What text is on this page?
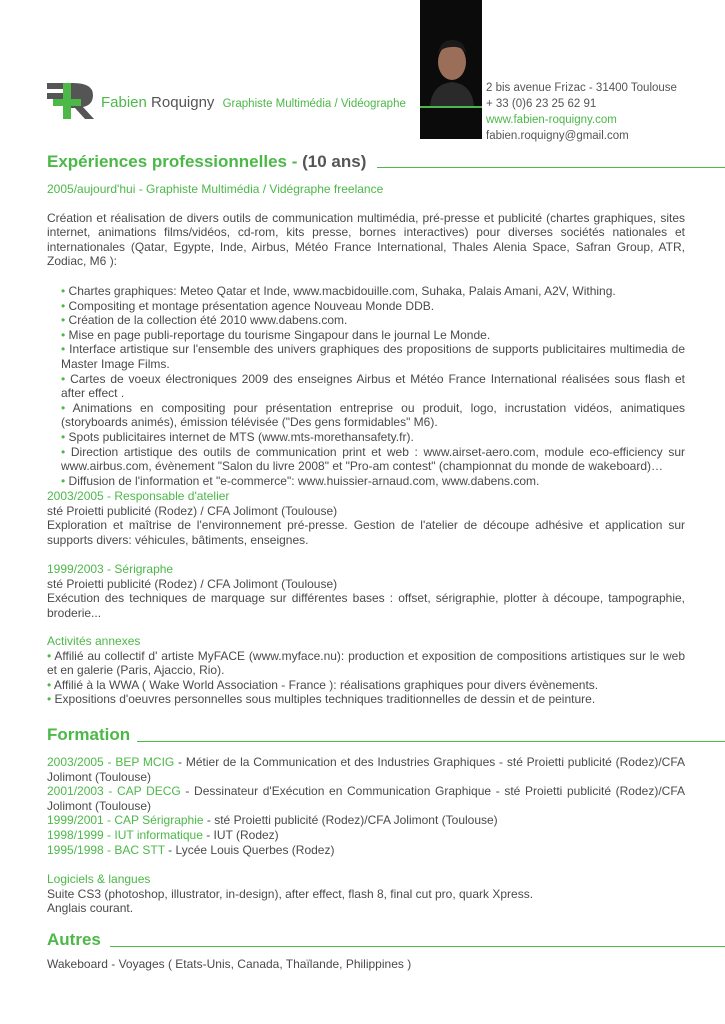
Fabien Roquigny Graphiste Multimédia / Vidéographe
2 bis avenue Frizac - 31400 Toulouse
+ 33 (0)6 23 25 62 91
www.fabien-roquigny.com
fabien.roquigny@gmail.com
Expériences professionnelles - (10 ans)

2005/aujourd'hui - Graphiste Multimédia / Vidégraphe freelance

Création et réalisation de divers outils de communication multimédia, pré-presse et publicité (chartes graphiques, sites internet, animations films/vidéos, cd-rom, kits presse, bornes interactives) pour diverses sociétés nationales et internationales (Qatar, Egypte, Inde, Airbus, Météo France International, Thales Alenia Space, Safran Group, ATR, Zodiac, M6 ):

• Chartes graphiques: Meteo Qatar et Inde, www.macbidouille.com, Suhaka, Palais Amani, A2V, Withing.

• Compositing et montage présentation agence Nouveau Monde DDB.

• Création de la collection été 2010 www.dabens.com.

• Mise en page publi-reportage du tourisme Singapour dans le journal Le Monde.

• Interface artistique sur l'ensemble des univers graphiques des propositions de supports publicitaires multimedia de Master Image Films.

• Cartes de voeux électroniques 2009 des enseignes Airbus et Météo France International réalisées sous flash et after effect .

• Animations en compositing pour présentation entreprise ou produit, logo, incrustation vidéos, animatiques (storyboards animés), émission télévisée ("Des gens formidables" M6).

• Spots publicitaires internet de MTS (www.mts-morethansafety.fr).

• Direction artistique des outils de communication print et web : www.airset-aero.com, module eco-efficiency sur www.airbus.com, évènement "Salon du livre 2008" et "Pro-am contest" (championnat du monde de wakeboard)…

• Diffusion de l'information et "e-commerce": www.huissier-arnaud.com, www.dabens.com.

2003/2005 - Responsable d'atelier

sté Proietti publicité (Rodez) / CFA Jolimont (Toulouse)

Exploration et maîtrise de l'environnement pré-presse. Gestion de l'atelier de découpe adhésive et application sur supports divers: véhicules, bâtiments, enseignes.

1999/2003 - Sérigraphe

sté Proietti publicité (Rodez) / CFA Jolimont (Toulouse)

Exécution des techniques de marquage sur différentes bases : offset, sérigraphie, plotter à découpe, tampographie, broderie...

Activités annexes

• Affilié au collectif d' artiste MyFACE (www.myface.nu): production et exposition de compositions artistiques sur le web et en galerie (Paris, Ajaccio, Rio).

• Affilié à la WWA ( Wake World Association - France ): réalisations graphiques pour divers évènements.

• Expositions d'oeuvres personnelles sous multiples techniques traditionnelles de dessin et de peinture.

Formation

2003/2005 - BEP MCIG - Métier de la Communication et des Industries Graphiques - sté Proietti publicité (Rodez)/CFA Jolimont (Toulouse)

2001/2003 - CAP DECG - Dessinateur d'Exécution en Communication Graphique - sté Proietti publicité (Rodez)/CFA Jolimont (Toulouse)

1999/2001 - CAP Sérigraphie - sté Proietti publicité (Rodez)/CFA Jolimont (Toulouse)

1998/1999 - IUT informatique - IUT (Rodez)

1995/1998 - BAC STT - Lycée Louis Querbes (Rodez)

Logiciels & langues

Suite CS3 (photoshop, illustrator, in-design), after effect, flash 8, final cut pro, quark Xpress.

Anglais courant.

Autres
Wakeboard - Voyages ( Etats-Unis, Canada, Thaïlande, Philippines )
